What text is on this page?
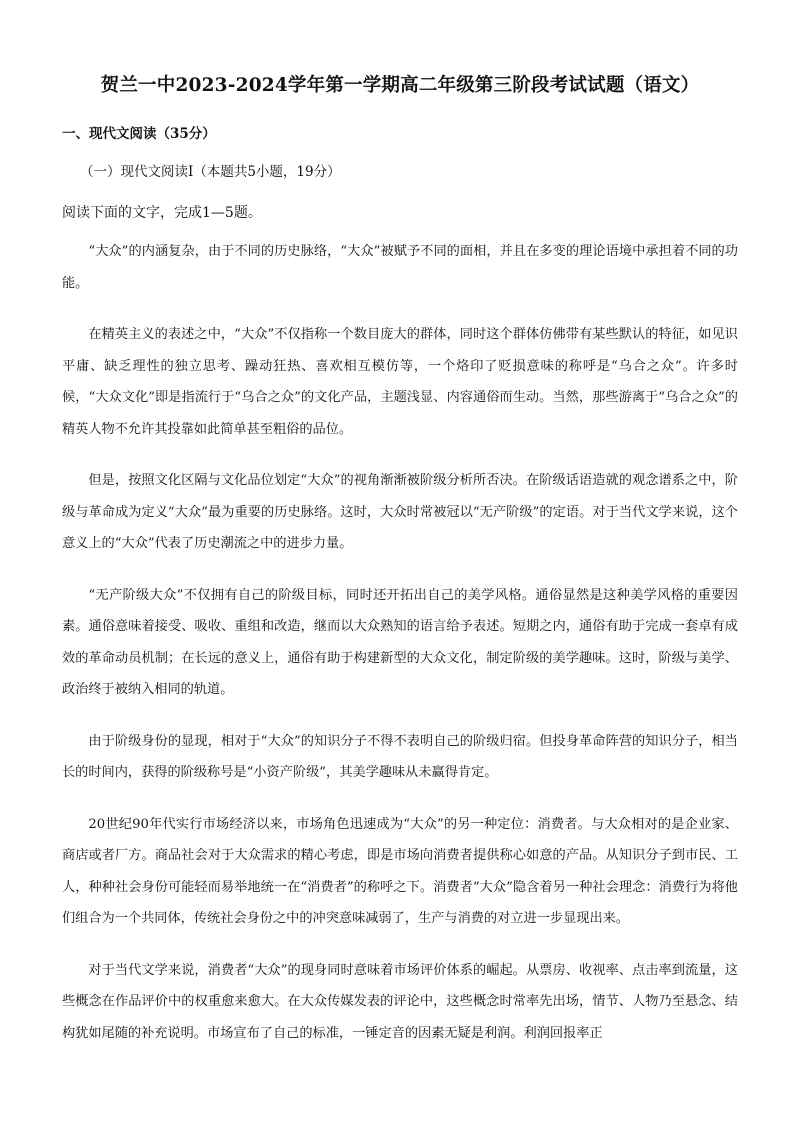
贺兰一中2023-2024学年第一学期高二年级第三阶段考试试题（语文）
一、现代文阅读（35分）
（一）现代文阅读Ⅰ（本题共5小题，19分）
阅读下面的文字，完成1—5题。

“大众”的内涵复杂，由于不同的历史脉络，“大众”被赋予不同的面相，并且在多变的理论语境中承担着不同的功能。

在精英主义的表述之中，“大众”不仅指称一个数目庞大的群体，同时这个群体仿佛带有某些默认的特征，如见识平庸、缺乏理性的独立思考、躁动狂热、喜欢相互模仿等，一个烙印了贬损意味的称呼是“乌合之众”。许多时候，“大众文化”即是指流行于“乌合之众”的文化产品，主题浅显、内容通俗而生动。当然，那些游离于“乌合之众”的精英人物不允许其投靠如此简单甚至粗俗的品位。

但是，按照文化区隔与文化品位划定“大众”的视角渐渐被阶级分析所否决。在阶级话语造就的观念谱系之中，阶级与革命成为定义“大众”最为重要的历史脉络。这时，大众时常被冠以“无产阶级”的定语。对于当代文学来说，这个意义上的“大众”代表了历史潮流之中的进步力量。

“无产阶级大众”不仅拥有自己的阶级目标，同时还开拓出自己的美学风格。通俗显然是这种美学风格的重要因素。通俗意味着接受、吸收、重组和改造，继而以大众熟知的语言给予表述。短期之内，通俗有助于完成一套卓有成效的革命动员机制；在长远的意义上，通俗有助于构建新型的大众文化，制定阶级的美学趣味。这时，阶级与美学、政治终于被纳入相同的轨道。

由于阶级身份的显现，相对于“大众”的知识分子不得不表明自己的阶级归宿。但投身革命阵营的知识分子，相当长的时间内，获得的阶级称号是“小资产阶级”，其美学趣味从未赢得肯定。

20世纪90年代实行市场经济以来，市场角色迅速成为“大众”的另一种定位：消费者。与大众相对的是企业家、商店或者厂方。商品社会对于大众需求的精心考虑，即是市场向消费者提供称心如意的产品。从知识分子到市民、工人，种种社会身份可能轻而易举地统一在“消费者”的称呼之下。消费者“大众”隐含着另一种社会理念：消费行为将他们组合为一个共同体，传统社会身份之中的冲突意味减弱了，生产与消费的对立进一步显现出来。

对于当代文学来说，消费者“大众”的现身同时意味着市场评价体系的崛起。从票房、收视率、点击率到流量，这些概念在作品评价中的权重愈来愈大。在大众传媒发表的评论中，这些概念时常率先出场，情节、人物乃至悬念、结构犹如尾随的补充说明。市场宣布了自己的标准，一锤定音的因素无疑是利润。利润回报率正
